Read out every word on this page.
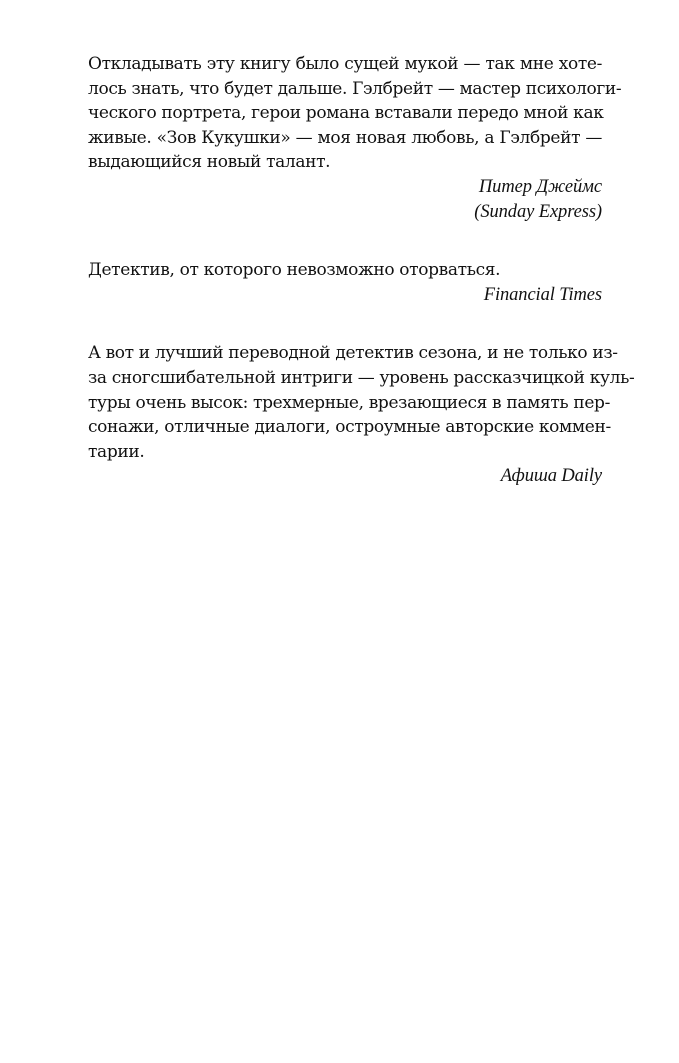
Откладывать эту книгу было сущей мукой — так мне хоте-
лось знать, что будет дальше. Гэлбрейт — мастер психологи-
ческого портрета, герои романа вставали передо мной как
живые. «Зов Кукушки» — моя новая любовь, а Гэлбрейт —
выдающийся новый талант.
Питер Джеймс
(Sunday Express)
Детектив, от которого невозможно оторваться.
Financial Times
А вот и лучший переводной детектив сезона, и не только из-
за сногсшибательной интриги — уровень рассказчицкой куль-
туры очень высок: трехмерные, врезающиеся в память пер-
сонажи, отличные диалоги, остроумные авторские коммен-
тарии.
Афиша Daily
